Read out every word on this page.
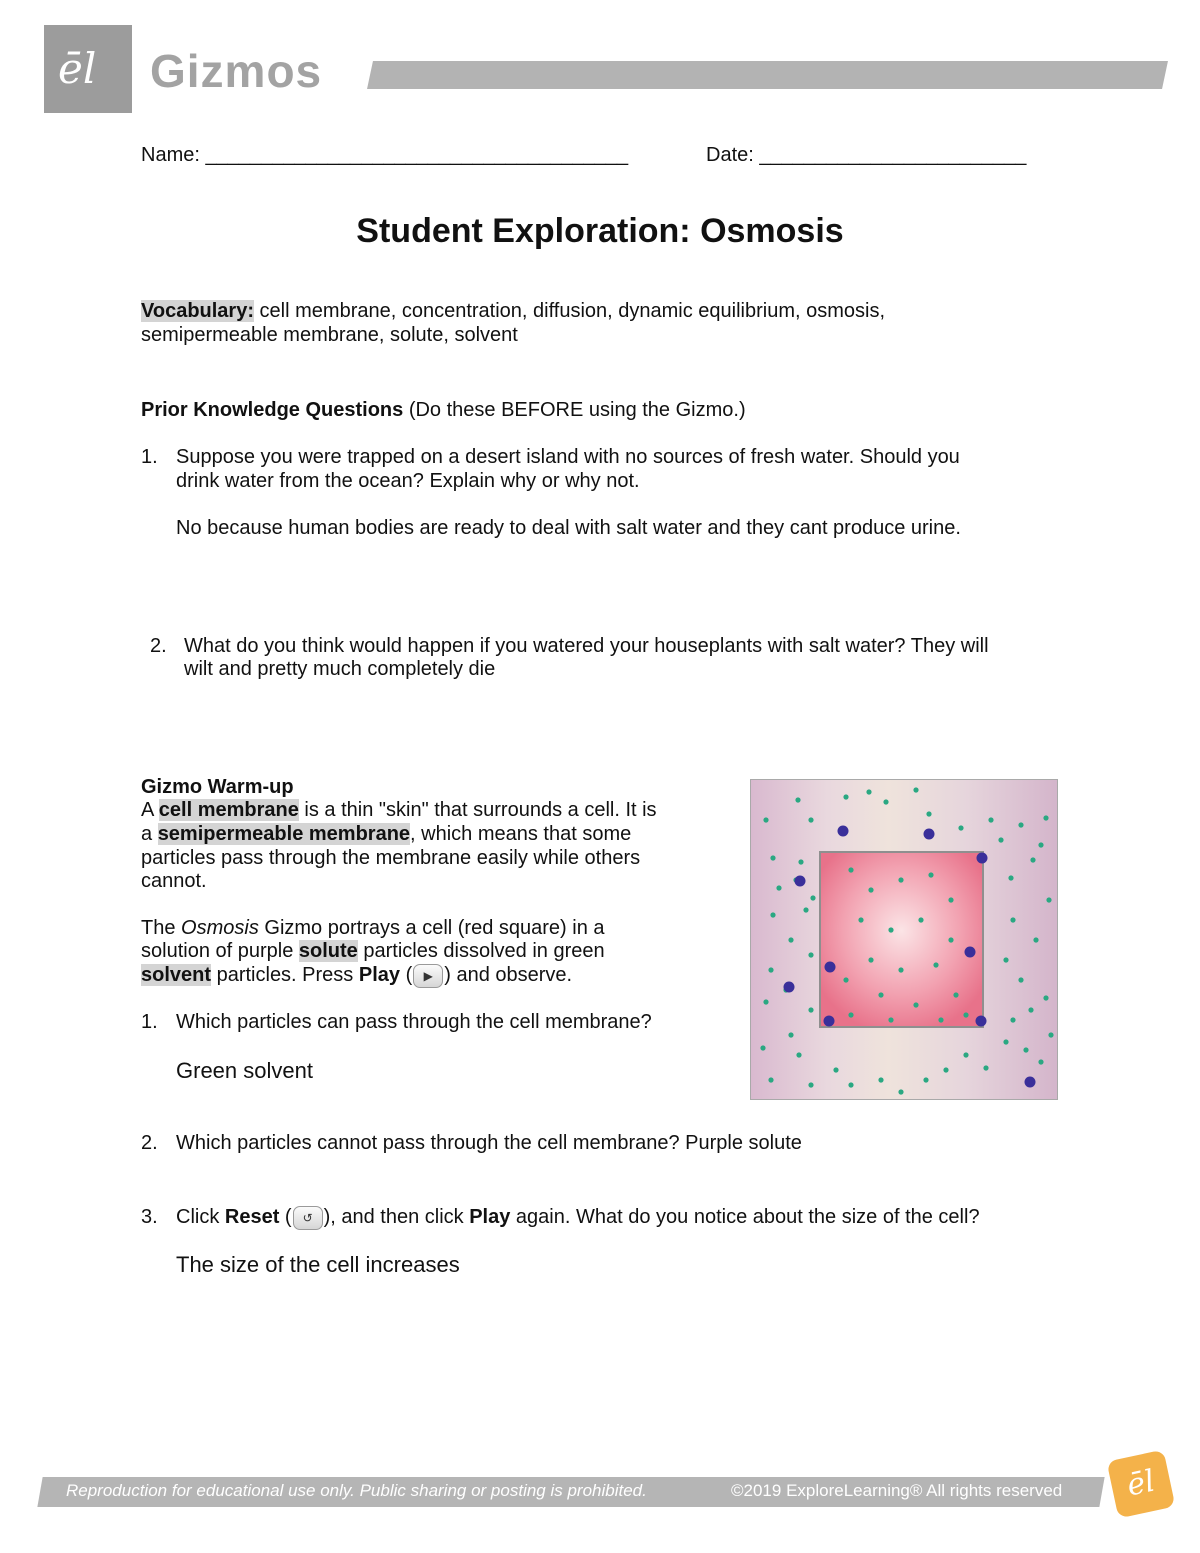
ēl Gizmos
Name: ______________________________________	Date: ________________________
Student Exploration: Osmosis
Vocabulary: cell membrane, concentration, diffusion, dynamic equilibrium, osmosis,
semipermeable membrane, solute, solvent
Prior Knowledge Questions (Do these BEFORE using the Gizmo.)
1. Suppose you were trapped on a desert island with no sources of fresh water. Should you
drink water from the ocean? Explain why or why not.
No because human bodies are ready to deal with salt water and they cant produce urine.
2. What do you think would happen if you watered your houseplants with salt water? They will
wilt and pretty much completely die
Gizmo Warm-up
A cell membrane is a thin "skin" that surrounds a cell. It is
a semipermeable membrane, which means that some
particles pass through the membrane easily while others
cannot.
The Osmosis Gizmo portrays a cell (red square) in a
solution of purple solute particles dissolved in green
solvent particles. Press Play ( ▶ ) and observe.
1. Which particles can pass through the cell membrane?
Green solvent
2. Which particles cannot pass through the cell membrane? Purple solute
3. Click Reset ( ↺ ), and then click Play again. What do you notice about the size of the cell?
The size of the cell increases
Reproduction for educational use only. Public sharing or posting is prohibited.	©2019 ExploreLearning® All rights reserved	ēl
